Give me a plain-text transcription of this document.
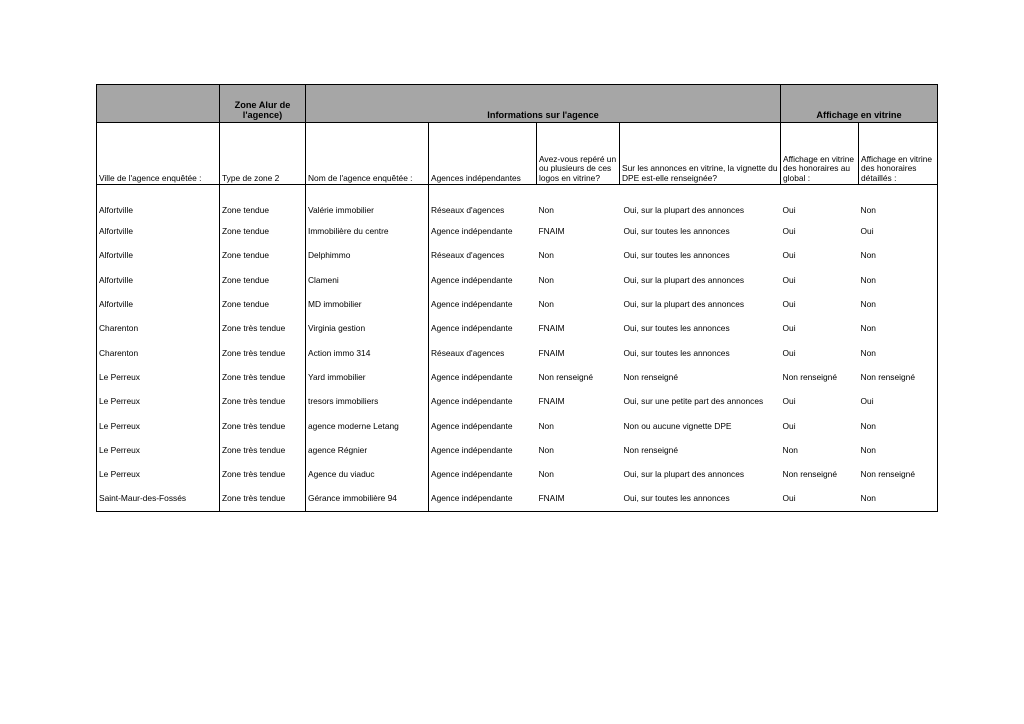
	Zone Alur de l'agence)	Informations sur l'agence				Affichage en vitrine	
Ville de l'agence enquêtée :	Type de zone 2	Nom de l'agence enquêtée :	Agences indépendantes	Avez-vous repéré un ou plusieurs de ces logos en vitrine?	Sur les annonces en vitrine, la vignette du DPE est-elle renseignée?	Affichage en vitrine des honoraires au global :	Affichage en vitrine des honoraires détaillés :
Alfortville	Zone tendue	Valérie immobilier	Réseaux d'agences	Non	Oui, sur la plupart des annonces	Oui	Non
Alfortville	Zone tendue	Immobilière du centre	Agence indépendante	FNAIM	Oui, sur toutes les annonces	Oui	Oui
Alfortville	Zone tendue	Delphimmo	Réseaux d'agences	Non	Oui, sur toutes les annonces	Oui	Non
Alfortville	Zone tendue	Clameni	Agence indépendante	Non	Oui, sur la plupart des annonces	Oui	Non
Alfortville	Zone tendue	MD immobilier	Agence indépendante	Non	Oui, sur la plupart des annonces	Oui	Non
Charenton	Zone très tendue	Virginia gestion	Agence indépendante	FNAIM	Oui, sur toutes les annonces	Oui	Non
Charenton	Zone très tendue	Action immo 314	Réseaux d'agences	FNAIM	Oui, sur toutes les annonces	Oui	Non
Le Perreux	Zone très tendue	Yard immobilier	Agence indépendante	Non renseigné	Non renseigné	Non renseigné	Non renseigné
Le Perreux	Zone très tendue	tresors immobiliers	Agence indépendante	FNAIM	Oui, sur une petite part des annonces	Oui	Oui
Le Perreux	Zone très tendue	agence moderne Letang	Agence indépendante	Non	Non ou aucune vignette DPE	Oui	Non
Le Perreux	Zone très tendue	agence Régnier	Agence indépendante	Non	Non renseigné	Non	Non
Le Perreux	Zone très tendue	Agence du viaduc	Agence indépendante	Non	Oui, sur la plupart des annonces	Non renseigné	Non renseigné
Saint-Maur-des-Fossés	Zone très tendue	Gérance immobilière 94	Agence indépendante	FNAIM	Oui, sur toutes les annonces	Oui	Non
